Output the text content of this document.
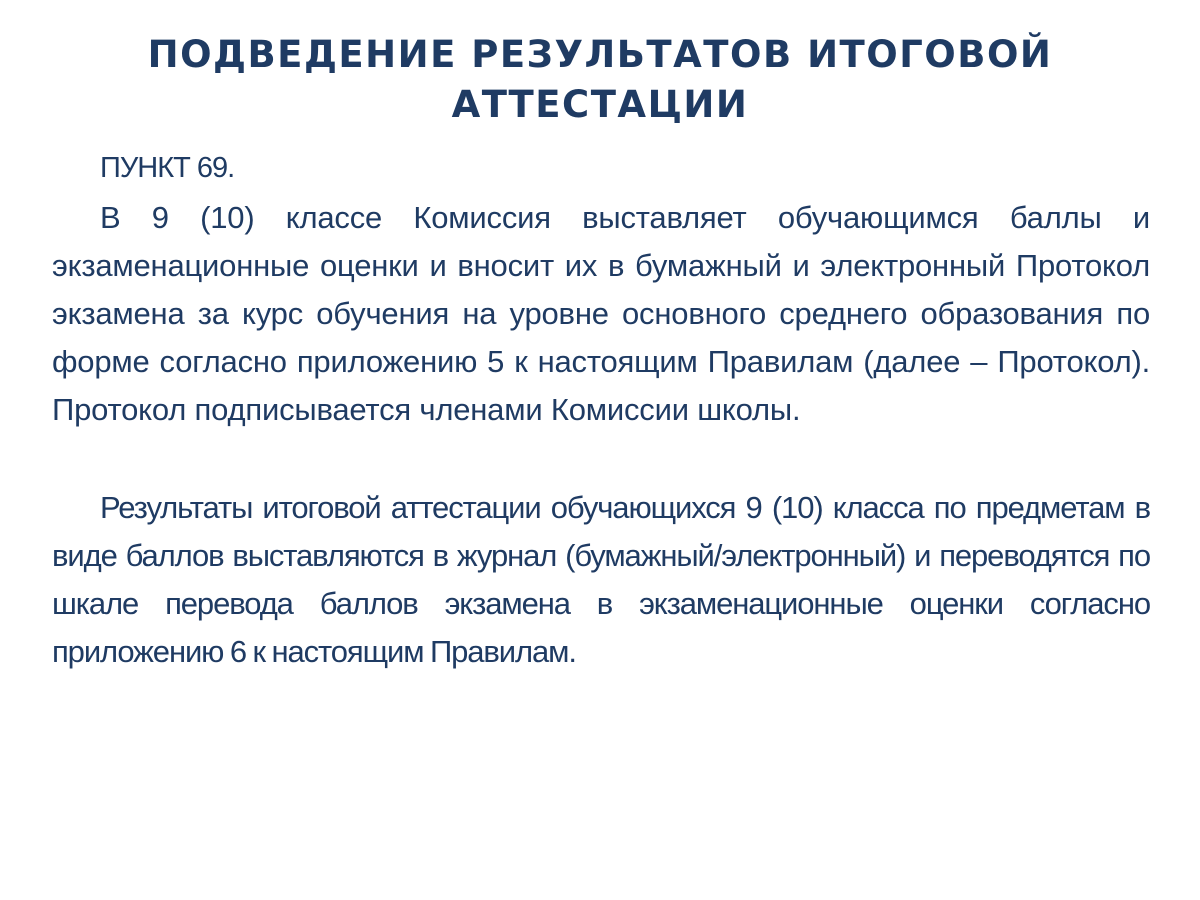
ПОДВЕДЕНИЕ РЕЗУЛЬТАТОВ ИТОГОВОЙ АТТЕСТАЦИИ
ПУНКТ 69.

В 9 (10) классе Комиссия выставляет обучающимся баллы и экзаменационные оценки и вносит их в бумажный и электронный Протокол экзамена за курс обучения на уровне основного среднего образования по форме согласно приложению 5 к настоящим Правилам (далее – Протокол). Протокол подписывается членами Комиссии школы.

Результаты итоговой аттестации обучающихся 9 (10) класса по предметам в виде баллов выставляются в журнал (бумажный/электронный) и переводятся по шкале перевода баллов экзамена в экзаменационные оценки согласно приложению 6 к настоящим Правилам.
